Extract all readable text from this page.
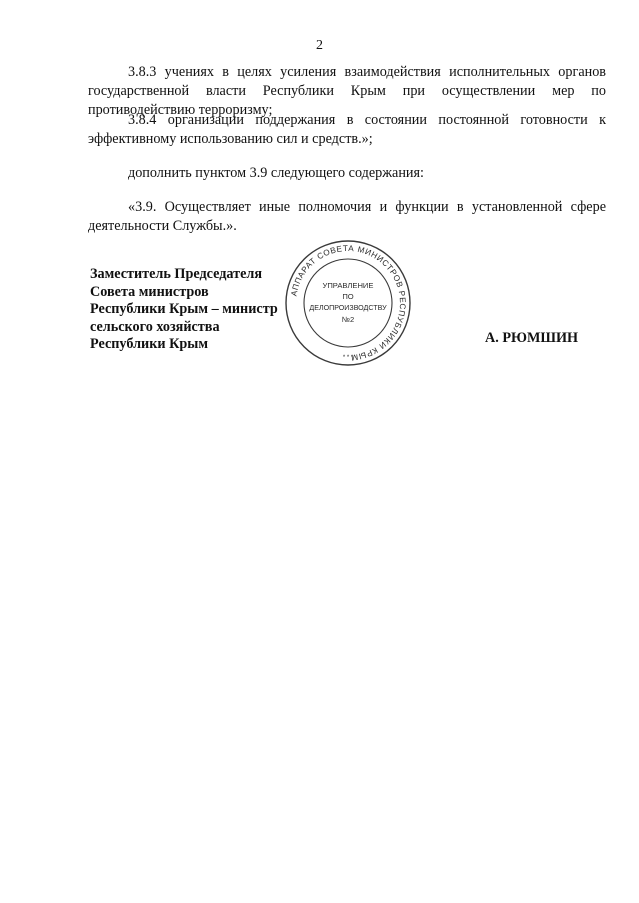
2

3.8.3 учениях в целях усиления взаимодействия исполнительных органов государственной власти Республики Крым при осуществлении мер по противодействию терроризму;

3.8.4 организации поддержания в состоянии постоянной готовности к эффективному использованию сил и средств.»;

дополнить пунктом 3.9 следующего содержания:

«3.9. Осуществляет иные полномочия и функции в установленной сфере деятельности Службы.».

Заместитель Председателя
Совета министров
Республики Крым – министр
сельского хозяйства
Республики Крым	А. РЮМШИН
АППАРАТ СОВЕТА МИНИСТРОВ РЕСПУБЛИКИ КРЫМ
УПРАВЛЕНИЕ
ПО
ДЕЛОПРОИЗВОДСТВУ
№2
* * *
